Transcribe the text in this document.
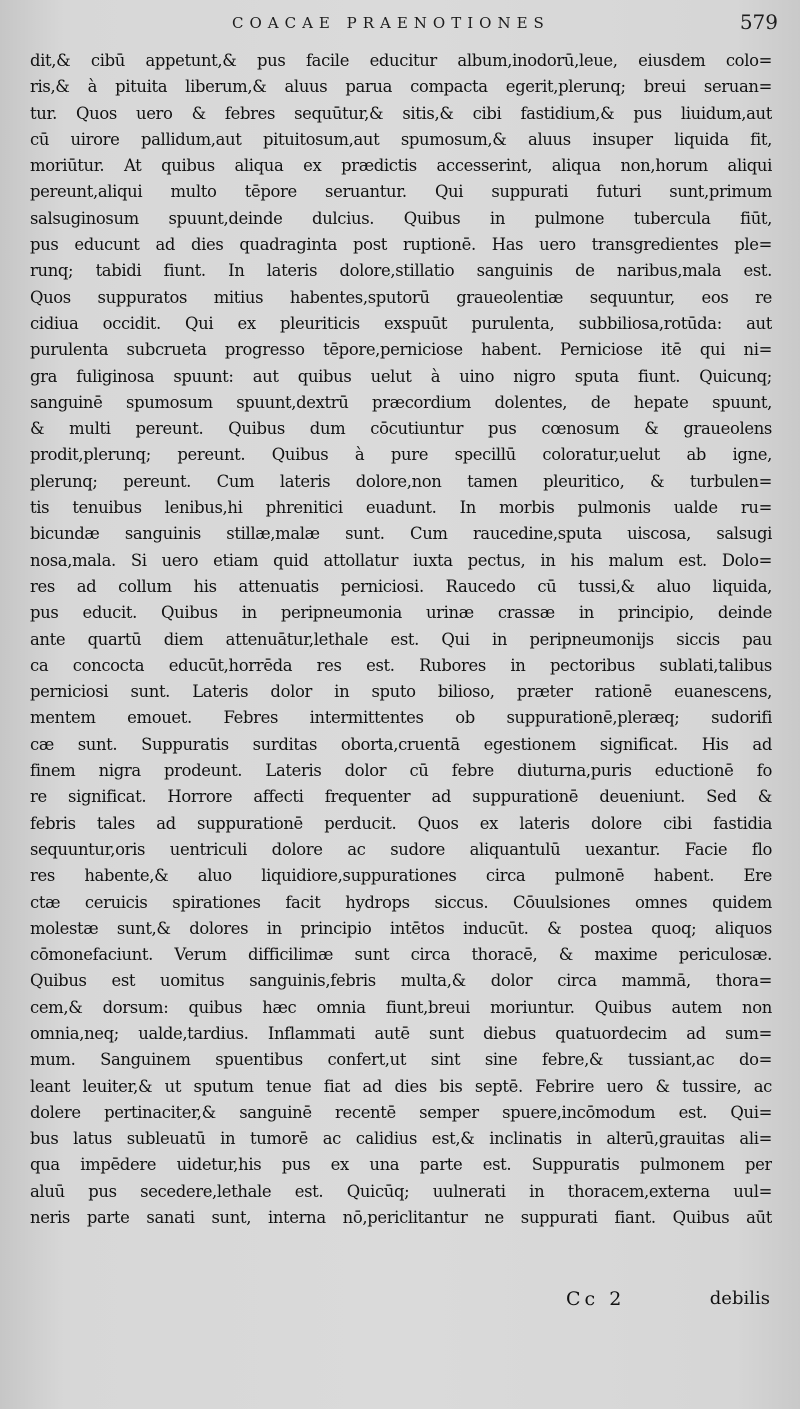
COACAE PRAENOTIONES	579
dit,& cibū appetunt,& pus facile educitur album,inodorū,leue, eiusdem colo=
ris,& à pituita liberum,& aluus parua compacta egerit,plerunq; breui seruan=
tur. Quos uero & febres sequūtur,& sitis,& cibi fastidium,& pus liuidum,aut
cū uirore pallidum,aut pituitosum,aut spumosum,& aluus insuper liquida fit,
moriūtur. At quibus aliqua ex prædictis accesserint, aliqua non,horum aliqui
pereunt,aliqui multo tēpore seruantur. Qui suppurati futuri sunt,primum
salsuginosum spuunt,deinde dulcius. Quibus in pulmone tubercula fiūt,
pus educunt ad dies quadraginta post ruptionē. Has uero transgredientes ple=
runq; tabidi fiunt. In lateris dolore,stillatio sanguinis de naribus,mala est.
Quos suppuratos mitius habentes,sputorū graueolentiæ sequuntur, eos re
cidiua occidit. Qui ex pleuriticis exspuūt purulenta, subbiliosa,rotūda: aut
purulenta subcrueta progresso tēpore,perniciose habent. Perniciose itē qui ni=
gra fuliginosa spuunt: aut quibus uelut à uino nigro sputa fiunt. Quicunq;
sanguinē spumosum spuunt,dextrū præcordium dolentes, de hepate spuunt,
& multi pereunt. Quibus dum cōcutiuntur pus cœnosum & graueolens
prodit,plerunq; pereunt. Quibus à pure specillū coloratur,uelut ab igne,
plerunq; pereunt. Cum lateris dolore,non tamen pleuritico, & turbulen=
tis tenuibus lenibus,hi phrenitici euadunt. In morbis pulmonis ualde ru=
bicundæ sanguinis stillæ,malæ sunt. Cum raucedine,sputa uiscosa, salsugi
nosa,mala. Si uero etiam quid attollatur iuxta pectus, in his malum est. Dolo=
res ad collum his attenuatis perniciosi. Raucedo cū tussi,& aluo liquida,
pus educit. Quibus in peripneumonia urinæ crassæ in principio, deinde
ante quartū diem attenuātur,lethale est. Qui in peripneumonijs siccis pau
ca concocta educūt,horrēda res est. Rubores in pectoribus sublati,talibus
perniciosi sunt. Lateris dolor in sputo bilioso, præter rationē euanescens,
mentem emouet. Febres intermittentes ob suppurationē,pleræq; sudorifi
cæ sunt. Suppuratis surditas oborta,cruentā egestionem significat. His ad
finem nigra prodeunt. Lateris dolor cū febre diuturna,puris eductionē fo
re significat. Horrore affecti frequenter ad suppurationē deueniunt. Sed &
febris tales ad suppurationē perducit. Quos ex lateris dolore cibi fastidia
sequuntur,oris uentriculi dolore ac sudore aliquantulū uexantur. Facie flo
res habente,& aluo liquidiore,suppurationes circa pulmonē habent. Ere
ctæ ceruicis spirationes facit hydrops siccus. Cōuulsiones omnes quidem
molestæ sunt,& dolores in principio intētos inducūt. & postea quoq; aliquos
cōmonefaciunt. Verum difficilimæ sunt circa thoracē, & maxime periculosæ.
Quibus est uomitus sanguinis,febris multa,& dolor circa mammā, thora=
cem,& dorsum: quibus hæc omnia fiunt,breui moriuntur. Quibus autem non
omnia,neq; ualde,tardius. Inflammati autē sunt diebus quatuordecim ad sum=
mum. Sanguinem spuentibus confert,ut sint sine febre,& tussiant,ac do=
leant leuiter,& ut sputum tenue fiat ad dies bis septē. Febrire uero & tussire, ac
dolere pertinaciter,& sanguinē recentē semper spuere,incōmodum est. Qui=
bus latus subleuatū in tumorē ac calidius est,& inclinatis in alterū,grauitas ali=
qua impēdere uidetur,his pus ex una parte est. Suppuratis pulmonem per
aluū pus secedere,lethale est. Quicūq; uulnerati in thoracem,externa uul=
neris parte sanati sunt, interna nō,periclitantur ne suppurati fiant. Quibus aūt
Cc 2	debilis
